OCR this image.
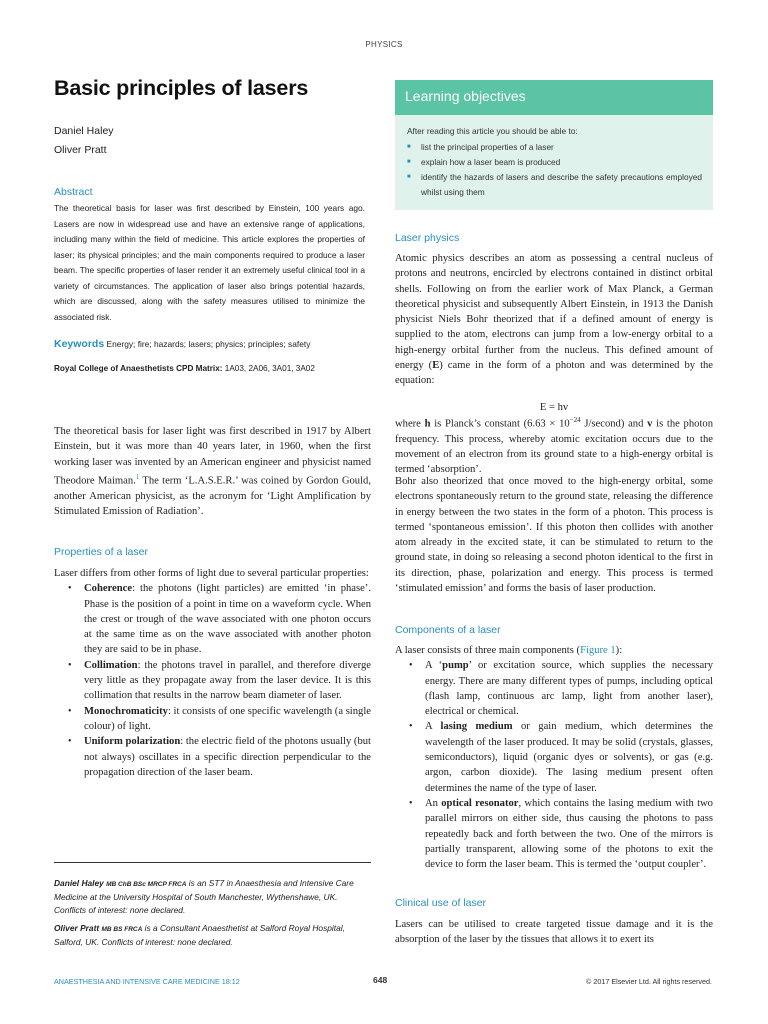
PHYSICS
Basic principles of lasers
Daniel Haley
Oliver Pratt
Abstract
The theoretical basis for laser was first described by Einstein, 100 years ago. Lasers are now in widespread use and have an extensive range of applications, including many within the field of medicine. This article explores the properties of laser; its physical principles; and the main components required to produce a laser beam. The specific properties of laser render it an extremely useful clinical tool in a variety of circumstances. The application of laser also brings potential hazards, which are discussed, along with the safety measures utilised to minimize the associated risk.
Keywords Energy; fire; hazards; lasers; physics; principles; safety
Royal College of Anaesthetists CPD Matrix: 1A03, 2A06, 3A01, 3A02
The theoretical basis for laser light was first described in 1917 by Albert Einstein, but it was more than 40 years later, in 1960, when the first working laser was invented by an American engineer and physicist named Theodore Maiman.$^1$ The term ‘L.A.S.E.R.’ was coined by Gordon Gould, another American physicist, as the acronym for ‘Light Amplification by Stimulated Emission of Radiation’.
Properties of a laser
Laser differs from other forms of light due to several particular properties:
• Coherence: the photons (light particles) are emitted ‘in phase’. Phase is the position of a point in time on a waveform cycle. When the crest or trough of the wave associated with one photon occurs at the same time as on the wave associated with another photon they are said to be in phase.
• Collimation: the photons travel in parallel, and therefore diverge very little as they propagate away from the laser device. It is this collimation that results in the narrow beam diameter of laser.
• Monochromaticity: it consists of one specific wavelength (a single colour) of light.
• Uniform polarization: the electric field of the photons usually (but not always) oscillates in a specific direction perpendicular to the propagation direction of the laser beam.
Daniel Haley MB ChB BSc MRCP FRCA is an ST7 in Anaesthesia and Intensive Care Medicine at the University Hospital of South Manchester, Wythenshawe, UK. Conflicts of interest: none declared.
Oliver Pratt MB BS FRCA is a Consultant Anaesthetist at Salford Royal Hospital, Salford, UK. Conflicts of interest: none declared.
Learning objectives
After reading this article you should be able to:
■ list the principal properties of a laser
■ explain how a laser beam is produced
■ identify the hazards of lasers and describe the safety precautions employed whilst using them
Laser physics
Atomic physics describes an atom as possessing a central nucleus of protons and neutrons, encircled by electrons contained in distinct orbital shells. Following on from the earlier work of Max Planck, a German theoretical physicist and subsequently Albert Einstein, in 1913 the Danish physicist Niels Bohr theorized that if a defined amount of energy is supplied to the atom, electrons can jump from a low-energy orbital to a high-energy orbital further from the nucleus. This defined amount of energy (E) came in the form of a photon and was determined by the equation:
E = hv
where h is Planck’s constant ($6.63 \times 10^{-24}$ J/second) and v is the photon frequency. This process, whereby atomic excitation occurs due to the movement of an electron from its ground state to a high-energy orbital is termed ‘absorption’.
Bohr also theorized that once moved to the high-energy orbital, some electrons spontaneously return to the ground state, releasing the difference in energy between the two states in the form of a photon. This process is termed ‘spontaneous emission’. If this photon then collides with another atom already in the excited state, it can be stimulated to return to the ground state, in doing so releasing a second photon identical to the first in its direction, phase, polarization and energy. This process is termed ‘stimulated emission’ and forms the basis of laser production.
Components of a laser
A laser consists of three main components (Figure 1):
• A ‘pump’ or excitation source, which supplies the necessary energy. There are many different types of pumps, including optical (flash lamp, continuous arc lamp, light from another laser), electrical or chemical.
• A lasing medium or gain medium, which determines the wavelength of the laser produced. It may be solid (crystals, glasses, semiconductors), liquid (organic dyes or solvents), or gas (e.g. argon, carbon dioxide). The lasing medium present often determines the name of the type of laser.
• An optical resonator, which contains the lasing medium with two parallel mirrors on either side, thus causing the photons to pass repeatedly back and forth between the two. One of the mirrors is partially transparent, allowing some of the photons to exit the device to form the laser beam. This is termed the ‘output coupler’.
Clinical use of laser
Lasers can be utilised to create targeted tissue damage and it is the absorption of the laser by the tissues that allows it to exert its
ANAESTHESIA AND INTENSIVE CARE MEDICINE 18:12	648	© 2017 Elsevier Ltd. All rights reserved.
